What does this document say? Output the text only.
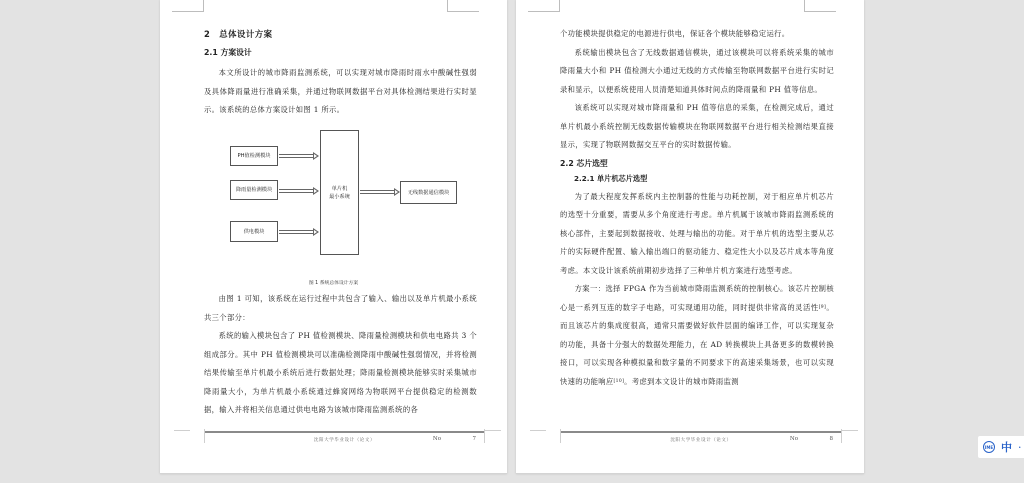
2　总体设计方案
2.1 方案设计
本文所设计的城市降雨监测系统，可以实现对城市降雨时雨水中酸碱性强弱及具体降雨量进行准确采集，并通过物联网数据平台对具体检测结果进行实时显示。该系统的总体方案设计如图 1 所示。
PH值检测模块
降雨量检测模块
供电模块
单片机
最小系统
无线数据通信模块
图 1 系统总体设计方案
由图 1 可知，该系统在运行过程中共包含了输入、输出以及单片机最小系统共三个部分：
系统的输入模块包含了 PH 值检测模块、降雨量检测模块和供电电路共 3 个组成部分。其中 PH 值检测模块可以准确检测降雨中酸碱性强弱情况，并将检测结果传输至单片机最小系统后进行数据处理；降雨量检测模块能够实时采集城市降雨量大小，为单片机最小系统通过蜂窝网络为物联网平台提供稳定的检测数据，输入并将相关信息通过供电电路为该城市降雨监测系统的各
沈阳大学毕业设计（论文）	No	7
个功能模块提供稳定的电源进行供电，保证各个模块能够稳定运行。
系统输出模块包含了无线数据通信模块，通过该模块可以将系统采集的城市降雨量大小和 PH 值检测大小通过无线的方式传输至物联网数据平台进行实时记录和显示，以便系统使用人员清楚知道具体时间点的降雨量和 PH 值等信息。
该系统可以实现对城市降雨量和 PH 值等信息的采集，在检测完成后，通过单片机最小系统控制无线数据传输模块在物联网数据平台进行相关检测结果直接显示，实现了物联网数据交互平台的实时数据传输。
2.2 芯片选型
2.2.1 单片机芯片选型
为了最大程度发挥系统内主控制器的性能与功耗控制，对于相应单片机芯片的选型十分重要，需要从多个角度进行考虑。单片机属于该城市降雨监测系统的核心部件，主要起到数据接收、处理与输出的功能。对于单片机的选型主要从芯片的实际硬件配置、输入输出端口的驱动能力、稳定性大小以及芯片成本等角度考虑。本文设计该系统前期初步选择了三种单片机方案进行选型考虑。
方案一：选择 FPGA 作为当前城市降雨监测系统的控制核心。该芯片控制核心是一系列互连的数字子电路，可实现通用功能，同时提供非常高的灵活性[9]。而且该芯片的集成度很高，通常只需要做好软件层面的编译工作，可以实现复杂的功能，具备十分强大的数据处理能力，在 AD 转换模块上具备更多的数模转换接口，可以实现各种模拟量和数字量的不同要求下的高速采集场景，也可以实现快速的功能响应[10]。考虑到本文设计的城市降雨监测
沈阳大学毕业设计（论文）	No	8
IME 中 ·
